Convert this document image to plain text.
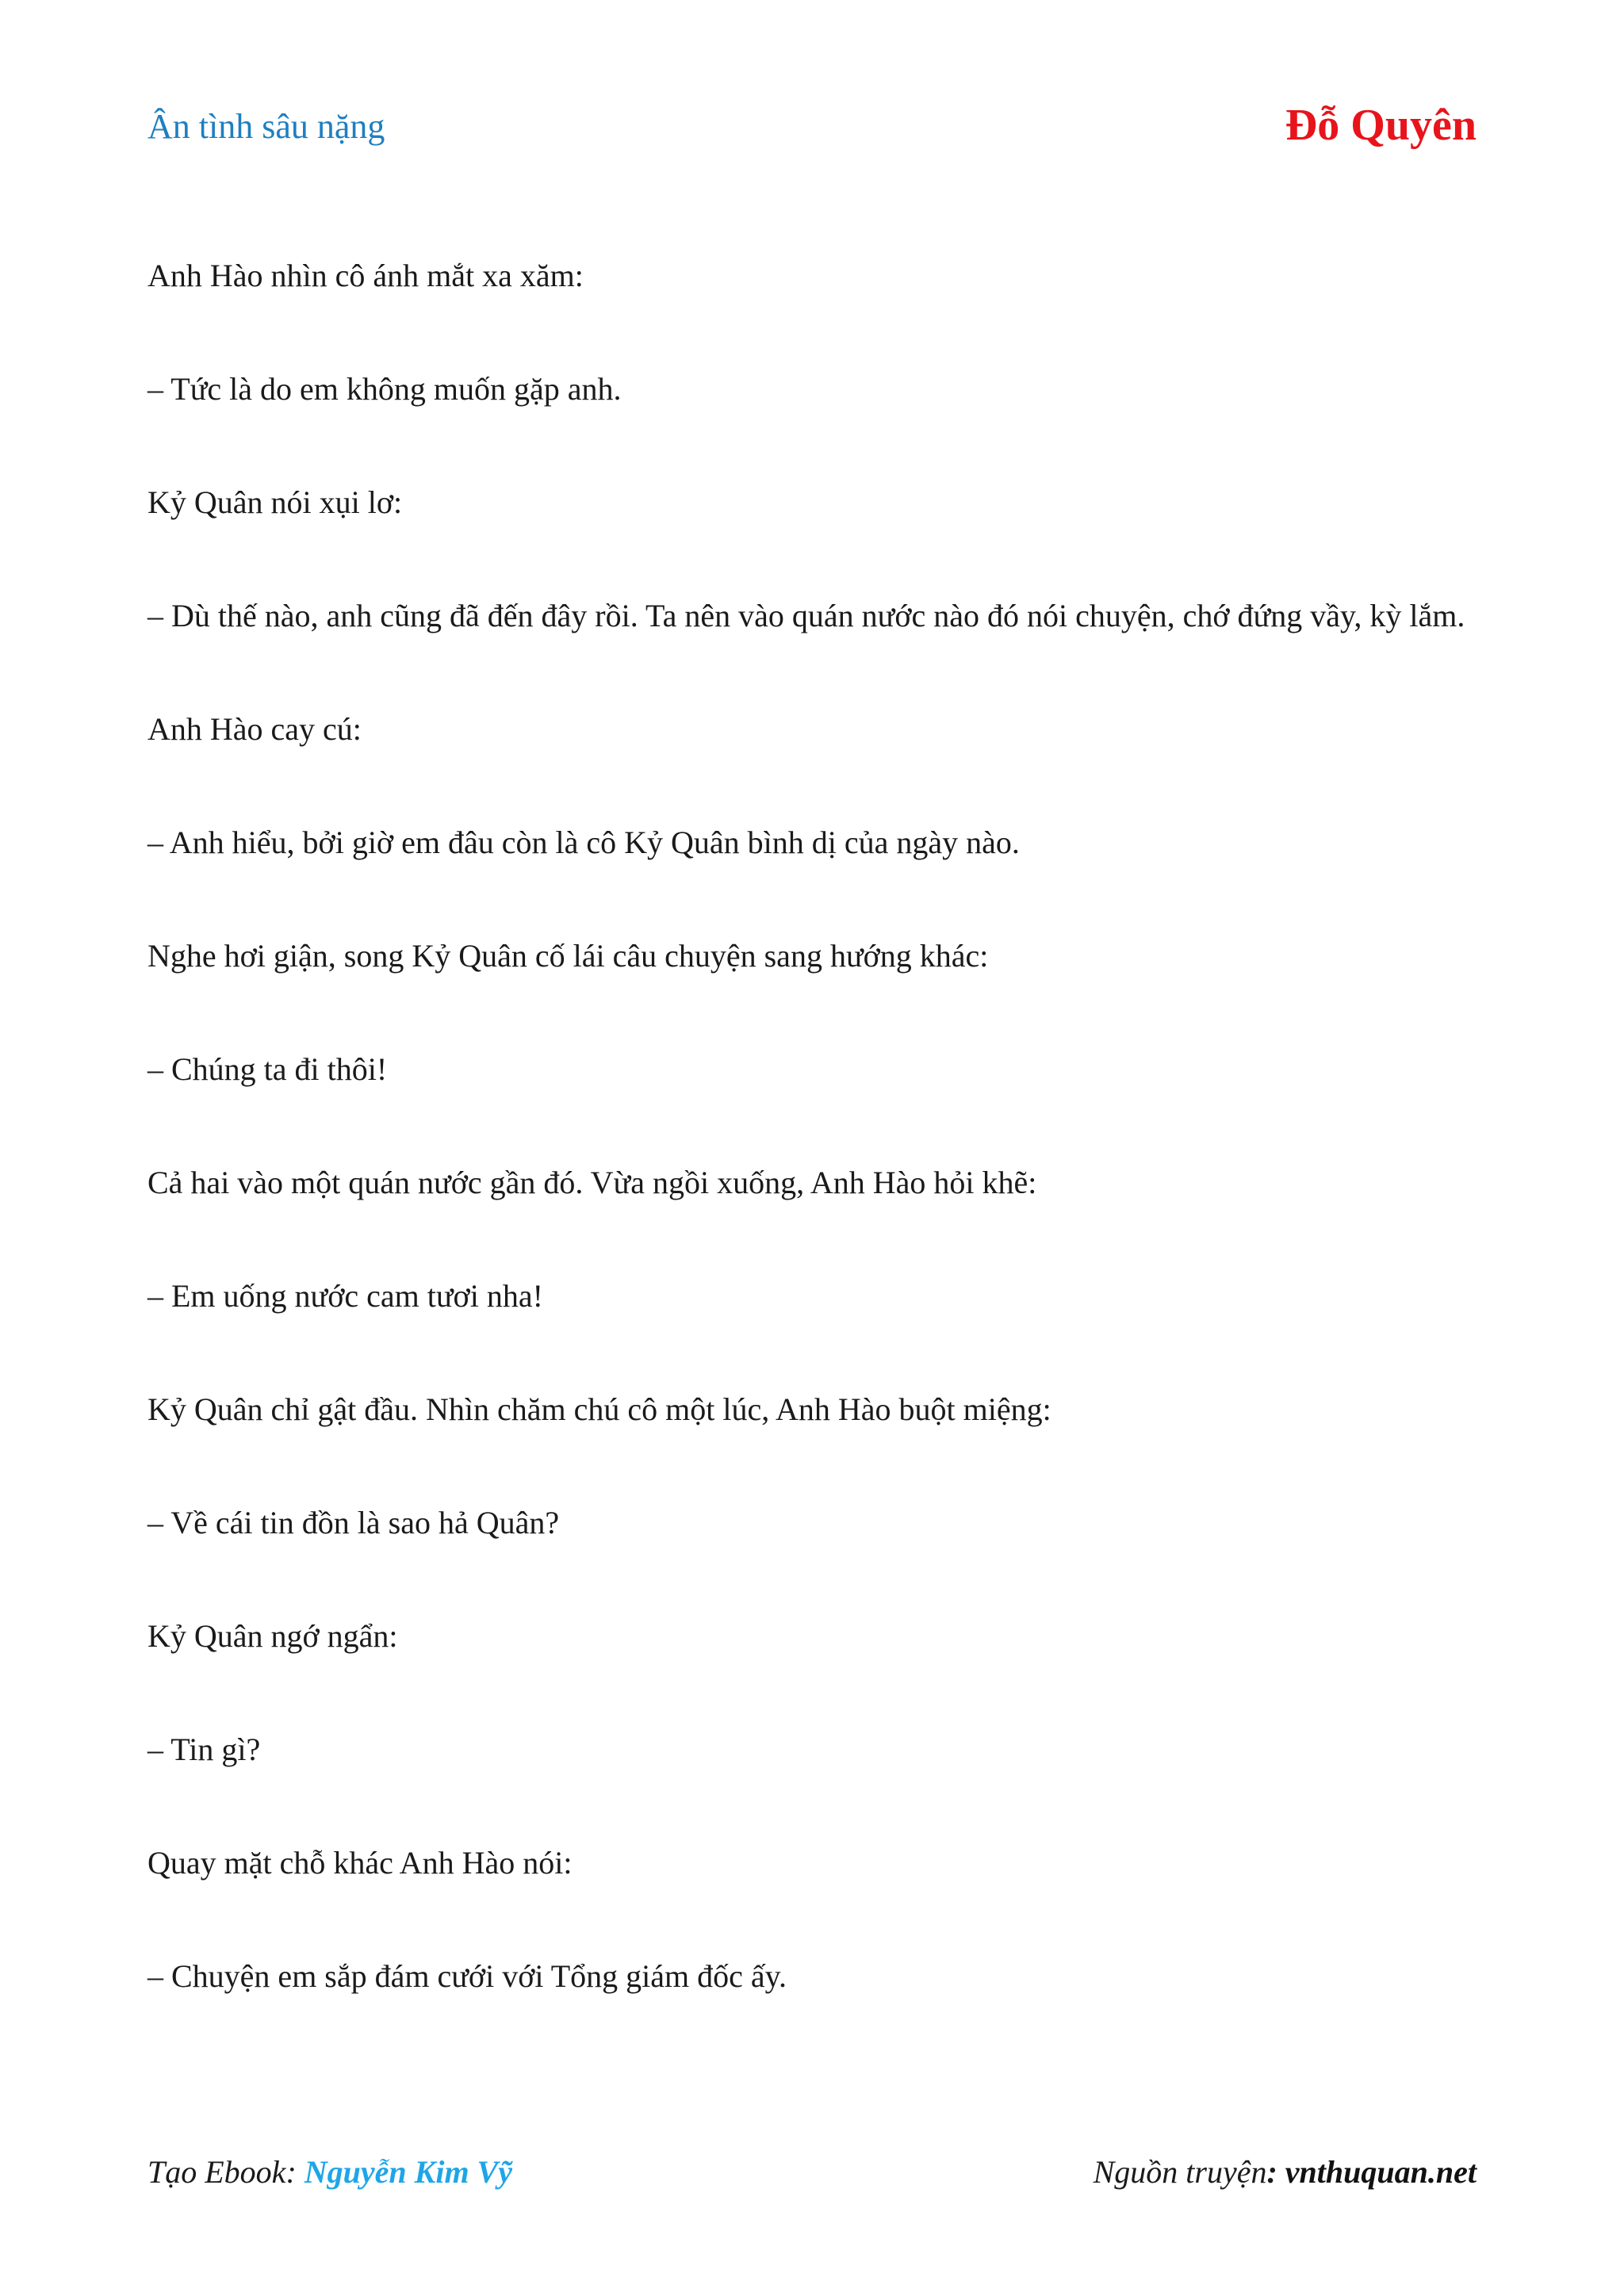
Ân tình sâu nặng	Đỗ Quyên

Anh Hào nhìn cô ánh mắt xa xăm:

– Tức là do em không muốn gặp anh.

Kỷ Quân nói xụi lơ:

– Dù thế nào, anh cũng đã đến đây rồi. Ta nên vào quán nước nào đó nói chuyện, chớ đứng vầy, kỳ lắm.

Anh Hào cay cú:

– Anh hiểu, bởi giờ em đâu còn là cô Kỷ Quân bình dị của ngày nào.

Nghe hơi giận, song Kỷ Quân cố lái câu chuyện sang hướng khác:

– Chúng ta đi thôi!

Cả hai vào một quán nước gần đó. Vừa ngồi xuống, Anh Hào hỏi khẽ:

– Em uống nước cam tươi nha!

Kỷ Quân chỉ gật đầu. Nhìn chăm chú cô một lúc, Anh Hào buột miệng:

– Về cái tin đồn là sao hả Quân?

Kỷ Quân ngớ ngẩn:

– Tin gì?

Quay mặt chỗ khác Anh Hào nói:

– Chuyện em sắp đám cưới với Tổng giám đốc ấy.

Tạo Ebook: Nguyễn Kim Vỹ	Nguồn truyện: vnthuquan.net
